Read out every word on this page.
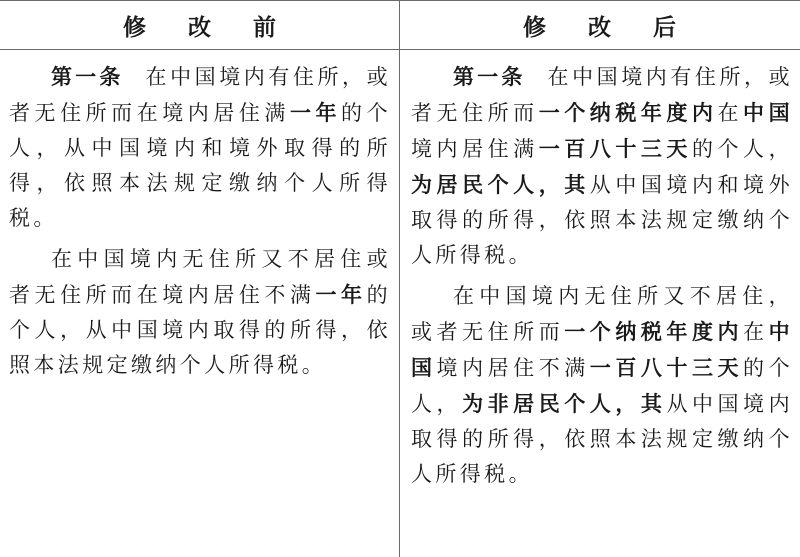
修 改 前	修 改 后

第一条 在中国境内有住所，或者无住所而在境内居住满一年的个人，从中国境内和境外取得的所得，依照本法规定缴纳个人所得税。

在中国境内无住所又不居住或者无住所而在境内居住不满一年的个人，从中国境内取得的所得，依照本法规定缴纳个人所得税。

第一条 在中国境内有住所，或者无住所而一个纳税年度内在中国境内居住满一百八十三天的个人，为居民个人，其从中国境内和境外取得的所得，依照本法规定缴纳个人所得税。

在中国境内无住所又不居住，或者无住所而一个纳税年度内在中国境内居住不满一百八十三天的个人，为非居民个人，其从中国境内取得的所得，依照本法规定缴纳个人所得税。
